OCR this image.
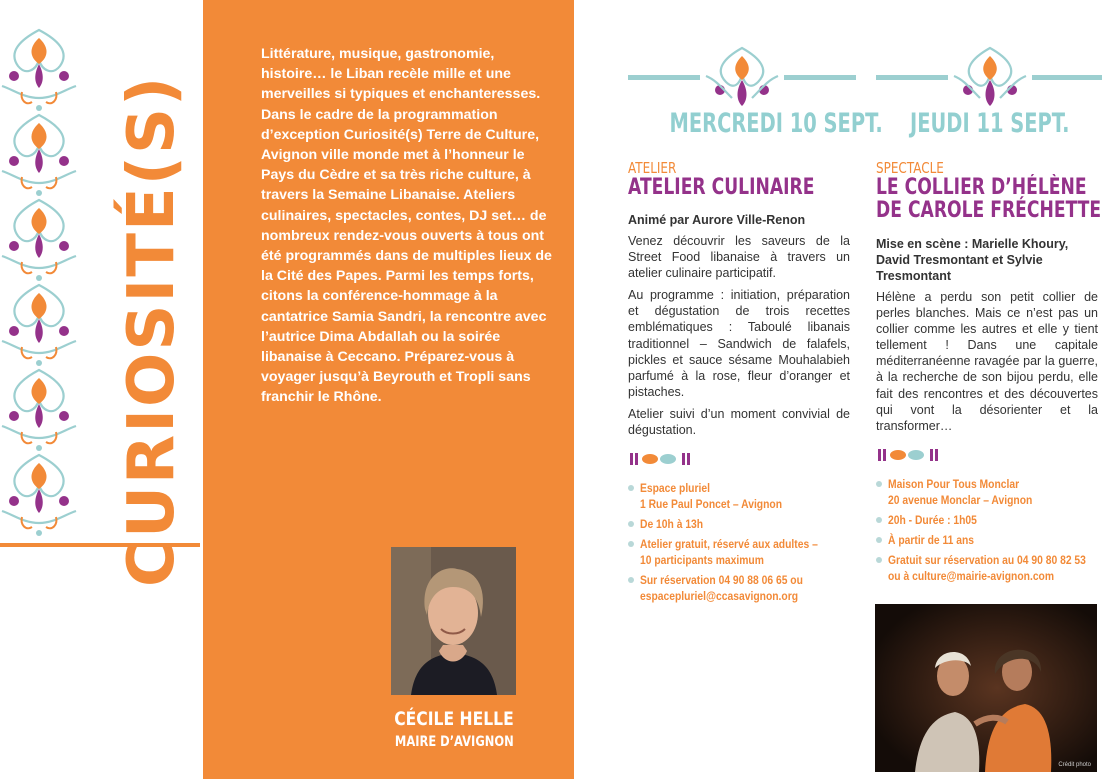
CURIOSITÉ(S)

Littérature, musique, gastronomie, histoire… le Liban recèle mille et une merveilles si typiques et enchanteresses. Dans le cadre de la programmation d’exception Curiosité(s) Terre de Culture, Avignon ville monde met à l’honneur le Pays du Cèdre et sa très riche culture, à travers la Semaine Libanaise. Ateliers culinaires, spectacles, contes, DJ set… de nombreux rendez-vous ouverts à tous ont été programmés dans de multiples lieux de la Cité des Papes. Parmi les temps forts, citons la conférence-hommage à la cantatrice Samia Sandri, la rencontre avec l’autrice Dima Abdallah ou la soirée libanaise à Ceccano. Préparez-vous à voyager jusqu’à Beyrouth et Tropli sans franchir le Rhône.

CÉCILE HELLE
MAIRE D’AVIGNON
MERCREDI 10 SEPT.
ATELIER
ATELIER CULINAIRE
Animé par Aurore Ville-Renon

Venez découvrir les saveurs de la Street Food libanaise à travers un atelier culinaire participatif.

Au programme : initiation, préparation et dégustation de trois recettes emblématiques : Taboulé libanais traditionnel – Sandwich de falafels, pickles et sauce sésame Mouhalabieh parfumé à la rose, fleur d’oranger et pistaches.

Atelier suivi d’un moment convivial de dégustation.

Espace pluriel
1 Rue Paul Poncet – Avignon
De 10h à 13h
Atelier gratuit, réservé aux adultes –
10 participants maximum
Sur réservation 04 90 88 06 65 ou
espacepluriel@ccasavignon.org
JEUDI 11 SEPT.
SPECTACLE
LE COLLIER D’HÉLÈNE
DE CAROLE FRÉCHETTE
Mise en scène : Marielle Khoury, David Tresmontant et Sylvie Tresmontant

Hélène a perdu son petit collier de perles blanches. Mais ce n’est pas un collier comme les autres et elle y tient tellement ! Dans une capitale méditerranéenne ravagée par la guerre, à la recherche de son bijou perdu, elle fait des rencontres et des découvertes qui vont la désorienter et la transformer…

Maison Pour Tous Monclar
20 avenue Monclar – Avignon
20h - Durée : 1h05
À partir de 11 ans
Gratuit sur réservation au 04 90 80 82 53
ou à culture@mairie-avignon.com
Crédit photo
